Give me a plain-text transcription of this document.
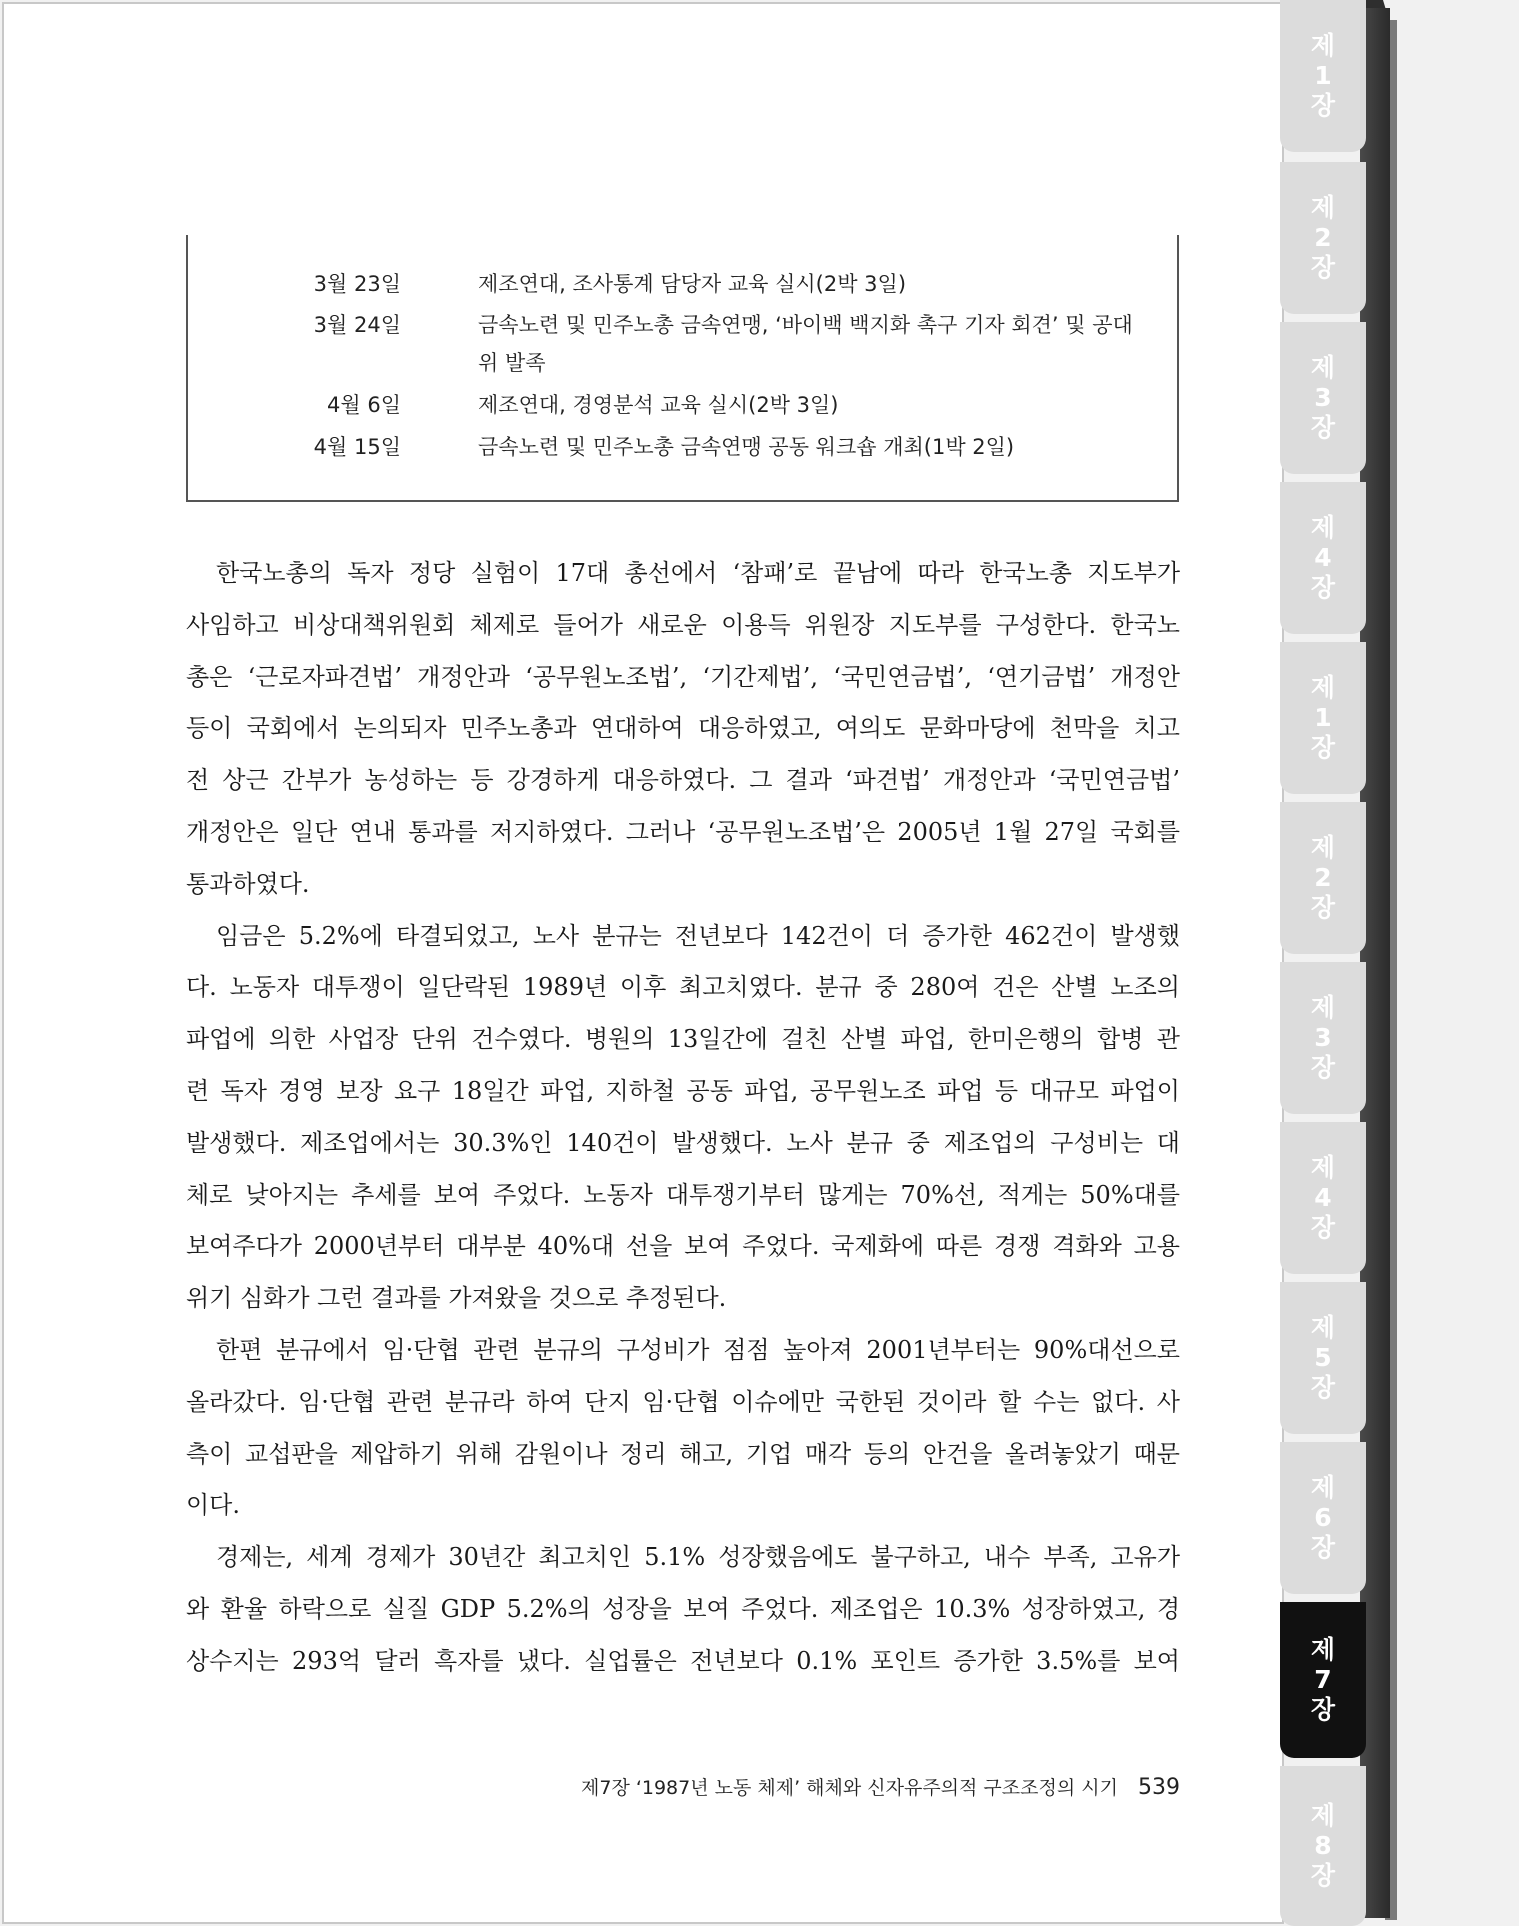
제
1
장
제
2
장
제
3
장
제
4
장
제
1
장
제
2
장
제
3
장
제
4
장
제
5
장
제
6
장
제
7
장
제
8
장
3월 23일	제조연대, 조사통계 담당자 교육 실시(2박 3일)
3월 24일	금속노련 및 민주노총 금속연맹, ‘바이백 백지화 촉구 기자 회견’ 및 공대
위 발족
4월 6일	제조연대, 경영분석 교육 실시(2박 3일)
4월 15일	금속노련 및 민주노총 금속연맹 공동 워크숍 개최(1박 2일)
한국노총의 독자 정당 실험이 17대 총선에서 ‘참패’로 끝남에 따라 한국노총 지도부가
사임하고 비상대책위원회 체제로 들어가 새로운 이용득 위원장 지도부를 구성한다. 한국노
총은 ‘근로자파견법’ 개정안과 ‘공무원노조법’, ‘기간제법’, ‘국민연금법’, ‘연기금법’ 개정안
등이 국회에서 논의되자 민주노총과 연대하여 대응하였고, 여의도 문화마당에 천막을 치고
전 상근 간부가 농성하는 등 강경하게 대응하였다. 그 결과 ‘파견법’ 개정안과 ‘국민연금법’
개정안은 일단 연내 통과를 저지하였다. 그러나 ‘공무원노조법’은 2005년 1월 27일 국회를
통과하였다.
임금은 5.2%에 타결되었고, 노사 분규는 전년보다 142건이 더 증가한 462건이 발생했
다. 노동자 대투쟁이 일단락된 1989년 이후 최고치였다. 분규 중 280여 건은 산별 노조의
파업에 의한 사업장 단위 건수였다. 병원의 13일간에 걸친 산별 파업, 한미은행의 합병 관
련 독자 경영 보장 요구 18일간 파업, 지하철 공동 파업, 공무원노조 파업 등 대규모 파업이
발생했다. 제조업에서는 30.3%인 140건이 발생했다. 노사 분규 중 제조업의 구성비는 대
체로 낮아지는 추세를 보여 주었다. 노동자 대투쟁기부터 많게는 70%선, 적게는 50%대를
보여주다가 2000년부터 대부분 40%대 선을 보여 주었다. 국제화에 따른 경쟁 격화와 고용
위기 심화가 그런 결과를 가져왔을 것으로 추정된다.
한편 분규에서 임·단협 관련 분규의 구성비가 점점 높아져 2001년부터는 90%대선으로
올라갔다. 임·단협 관련 분규라 하여 단지 임·단협 이슈에만 국한된 것이라 할 수는 없다. 사
측이 교섭판을 제압하기 위해 감원이나 정리 해고, 기업 매각 등의 안건을 올려놓았기 때문
이다.
경제는, 세계 경제가 30년간 최고치인 5.1% 성장했음에도 불구하고, 내수 부족, 고유가
와 환율 하락으로 실질 GDP 5.2%의 성장을 보여 주었다. 제조업은 10.3% 성장하였고, 경
상수지는 293억 달러 흑자를 냈다. 실업률은 전년보다 0.1% 포인트 증가한 3.5%를 보여
제7장 ‘1987년 노동 체제’ 해체와 신자유주의적 구조조정의 시기 539
